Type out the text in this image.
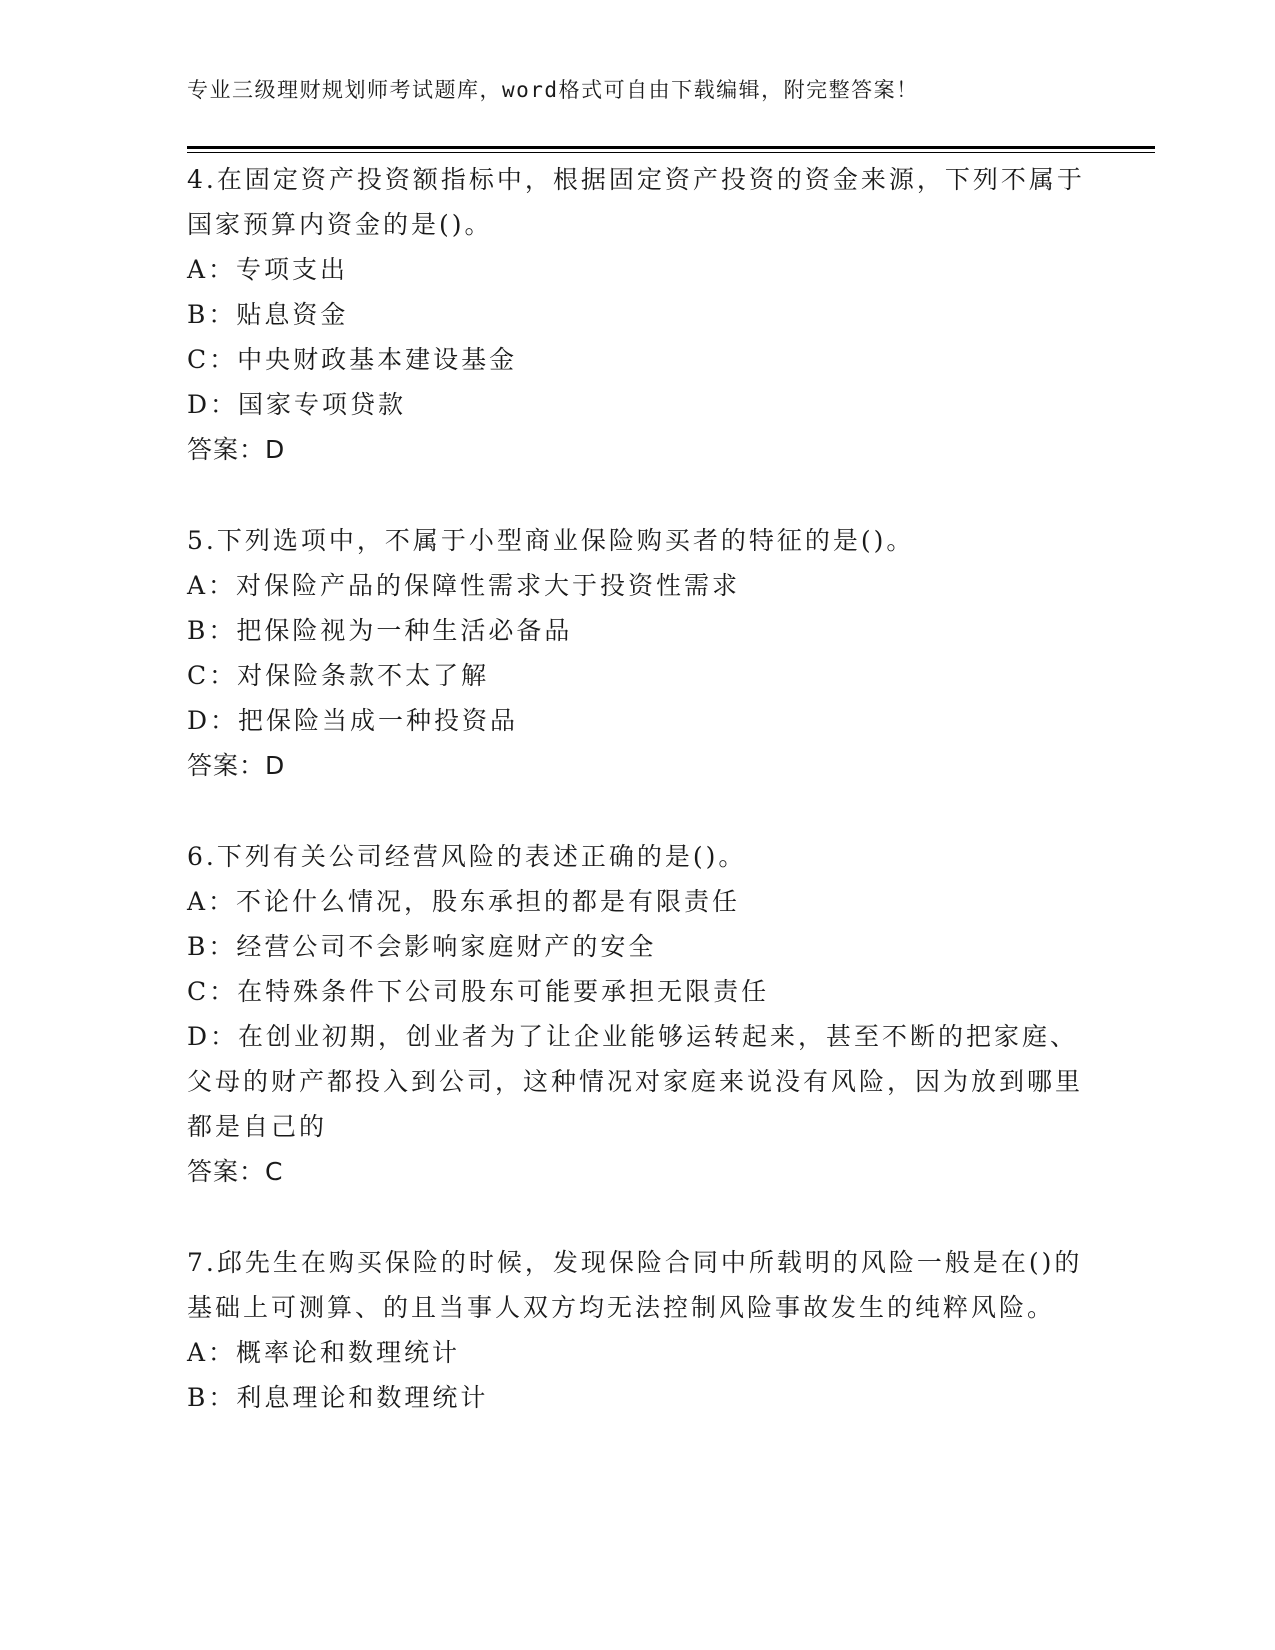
专业三级理财规划师考试题库，word格式可自由下载编辑，附完整答案！

4.在固定资产投资额指标中，根据固定资产投资的资金来源，下列不属于国家预算内资金的是()。

A：专项支出

B：贴息资金

C：中央财政基本建设基金

D：国家专项贷款

答案：D

5.下列选项中，不属于小型商业保险购买者的特征的是()。

A：对保险产品的保障性需求大于投资性需求

B：把保险视为一种生活必备品

C：对保险条款不太了解

D：把保险当成一种投资品

答案：D

6.下列有关公司经营风险的表述正确的是()。

A：不论什么情况，股东承担的都是有限责任

B：经营公司不会影响家庭财产的安全

C：在特殊条件下公司股东可能要承担无限责任

D：在创业初期，创业者为了让企业能够运转起来，甚至不断的把家庭、父母的财产都投入到公司，这种情况对家庭来说没有风险，因为放到哪里都是自己的

答案：C

7.邱先生在购买保险的时候，发现保险合同中所载明的风险一般是在()的基础上可测算、的且当事人双方均无法控制风险事故发生的纯粹风险。

A：概率论和数理统计

B：利息理论和数理统计
